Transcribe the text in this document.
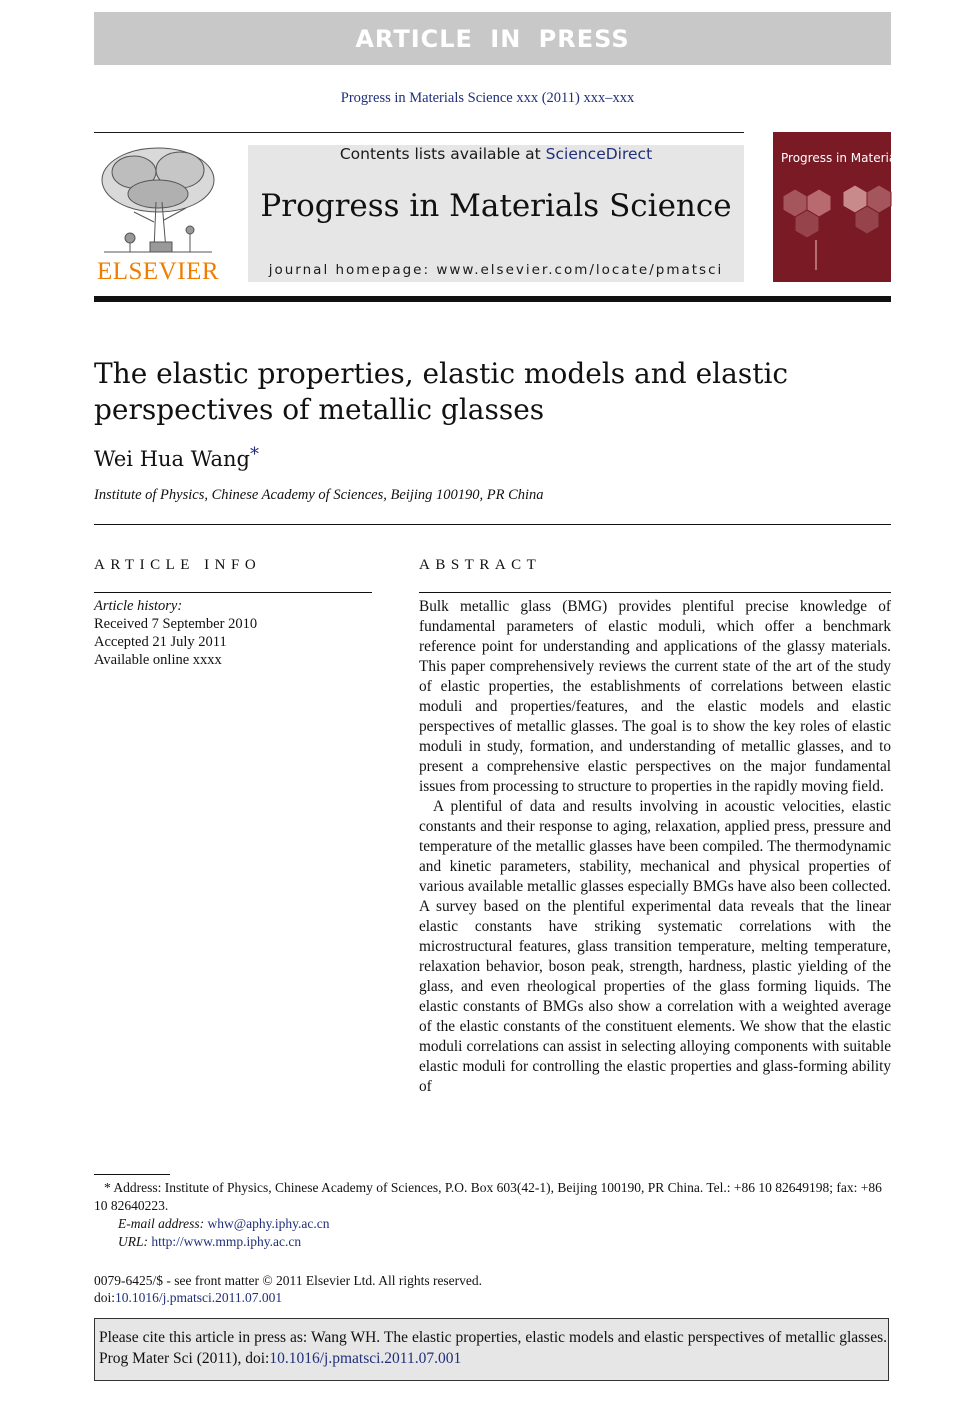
ARTICLE IN PRESS
Progress in Materials Science xxx (2011) xxx–xxx
ELSEVIER
Contents lists available at ScienceDirect
Progress in Materials Science
journal homepage: www.elsevier.com/locate/pmatsci
Progress in Materials Science
The elastic properties, elastic models and elastic perspectives of metallic glasses
Wei Hua Wang*
Institute of Physics, Chinese Academy of Sciences, Beijing 100190, PR China
ARTICLE INFO	ABSTRACT
Article history:
Received 7 September 2010
Accepted 21 July 2011
Available online xxxx

Bulk metallic glass (BMG) provides plentiful precise knowledge of fundamental parameters of elastic moduli, which offer a benchmark reference point for understanding and applications of the glassy materials. This paper comprehensively reviews the current state of the art of the study of elastic properties, the establishments of correlations between elastic moduli and properties/features, and the elastic models and elastic perspectives of metallic glasses. The goal is to show the key roles of elastic moduli in study, formation, and understanding of metallic glasses, and to present a comprehensive elastic perspectives on the major fundamental issues from processing to structure to properties in the rapidly moving field.

A plentiful of data and results involving in acoustic velocities, elastic constants and their response to aging, relaxation, applied press, pressure and temperature of the metallic glasses have been compiled. The thermodynamic and kinetic parameters, stability, mechanical and physical properties of various available metallic glasses especially BMGs have also been collected. A survey based on the plentiful experimental data reveals that the linear elastic constants have striking systematic correlations with the microstructural features, glass transition temperature, melting temperature, relaxation behavior, boson peak, strength, hardness, plastic yielding of the glass, and even rheological properties of the glass forming liquids. The elastic constants of BMGs also show a correlation with a weighted average of the elastic constants of the constituent elements. We show that the elastic moduli correlations can assist in selecting alloying components with suitable elastic moduli for controlling the elastic properties and glass-forming ability of

* Address: Institute of Physics, Chinese Academy of Sciences, P.O. Box 603(42-1), Beijing 100190, PR China. Tel.: +86 10 82649198; fax: +86 10 82640223.

E-mail address: whw@aphy.iphy.ac.cn

URL: http://www.mmp.iphy.ac.cn

0079-6425/$ - see front matter © 2011 Elsevier Ltd. All rights reserved.
doi:10.1016/j.pmatsci.2011.07.001
Please cite this article in press as: Wang WH. The elastic properties, elastic models and elastic perspectives of metallic glasses. Prog Mater Sci (2011), doi:10.1016/j.pmatsci.2011.07.001
